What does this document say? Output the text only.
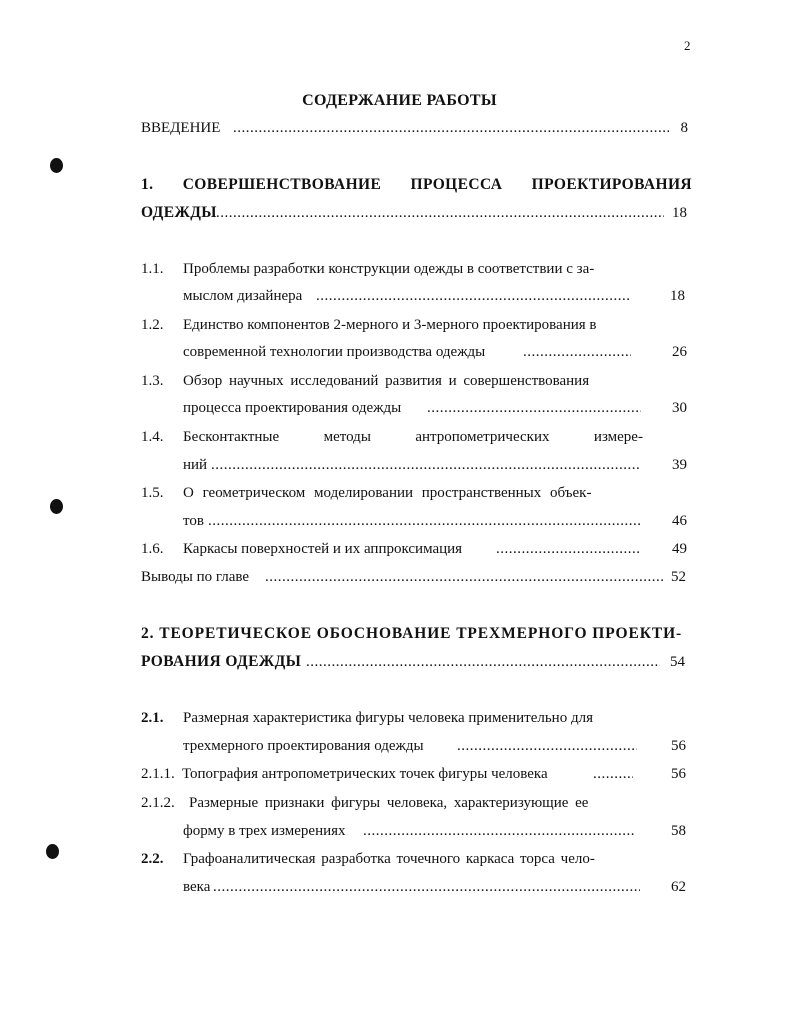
2
СОДЕРЖАНИЕ РАБОТЫ
ВВЕДЕНИЕ .....	8
1. СОВЕРШЕНСТВОВАНИЕ ПРОЦЕССА ПРОЕКТИРОВАНИЯ
ОДЕЖДЫ .....	18
1.1. Проблемы разработки конструкции одежды в соответствии с за-
мыслом дизайнера .....	18
1.2. Единство компонентов 2-мерного и 3-мерного проектирования в
современной технологии производства одежды .....	26
1.3. Обзор научных исследований развития и совершенствования
процесса проектирования одежды .....	30
1.4. Бесконтактные	методы	антропометрических	измере-
ний .....	39
1.5. О геометрическом моделировании пространственных объек-
тов .....	46
1.6. Каркасы поверхностей и их аппроксимация .....	49
Выводы по главе .....	52
2. ТЕОРЕТИЧЕСКОЕ ОБОСНОВАНИЕ ТРЕХМЕРНОГО ПРОЕКТИ-
РОВАНИЯ ОДЕЖДЫ .....	54
2.1. Размерная характеристика фигуры человека применительно для
трехмерного проектирования одежды .....	56
2.1.1. Топография антропометрических точек фигуры человека .....	56
2.1.2. Размерные признаки фигуры человека, характеризующие ее
форму в трех измерениях .....	58
2.2. Графоаналитическая разработка точечного каркаса торса чело-
века .....	62
